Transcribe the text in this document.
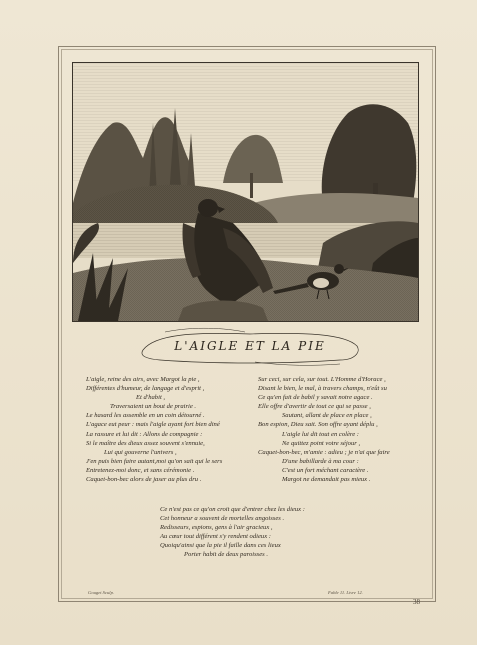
L'AIGLE ET LA PIE
L'aigle, reine des airs, avec Margot la pie ,
Différentes d'humeur, de langage et d'esprit ,
Et d'habit ,
Traversaient un bout de prairie .
Le hasard les assemble en un coin détourné .
L'agace eut peur : mais l'aigle ayant fort bien diné
La rassure et lui dit : Allons de compagnie :
Si le maître des dieux assez souvent s'ennuie,
Lui qui gouverne l'univers ,
J'en puis bien faire autant,moi qu'on sait qui le sers
Entretenez-moi donc, et sans cérémonie .
Caquet-bon-bec alors de jaser au plus dru .
Sur ceci, sur cela, sur tout. L'Homme d'Horace ,
Disant le bien, le mal, à travers champs, n'eût su
Ce qu'en fait de babil y savait notre agace .
Elle offre d'avertir de tout ce qui se passe ,
Sautant, allant de place en place ,
Bon espion, Dieu sait. Son offre ayant déplu ,
L'aigle lui dit tout en colère :
Ne quittez point votre séjour ,
Caquet-bon-bec, m'amie : adieu ; je n'ai que faire
D'une babillarde à ma cour :
C'est un fort méchant caractère .
Margot ne demandait pas mieux .
Ce n'est pas ce qu'on croit que d'entrer chez les dieux :
Cet honneur a souvent de mortelles angoisses .
Redisseurs, espions, gens à l'air gracieux ,
Au cœur tout différent s'y rendent odieux :
Quoiqu'ainsi que la pie il faille dans ces lieux
Porter habit de deux paroisses .
Gouget Sculp.	Fable 11. Livre 12.
38
